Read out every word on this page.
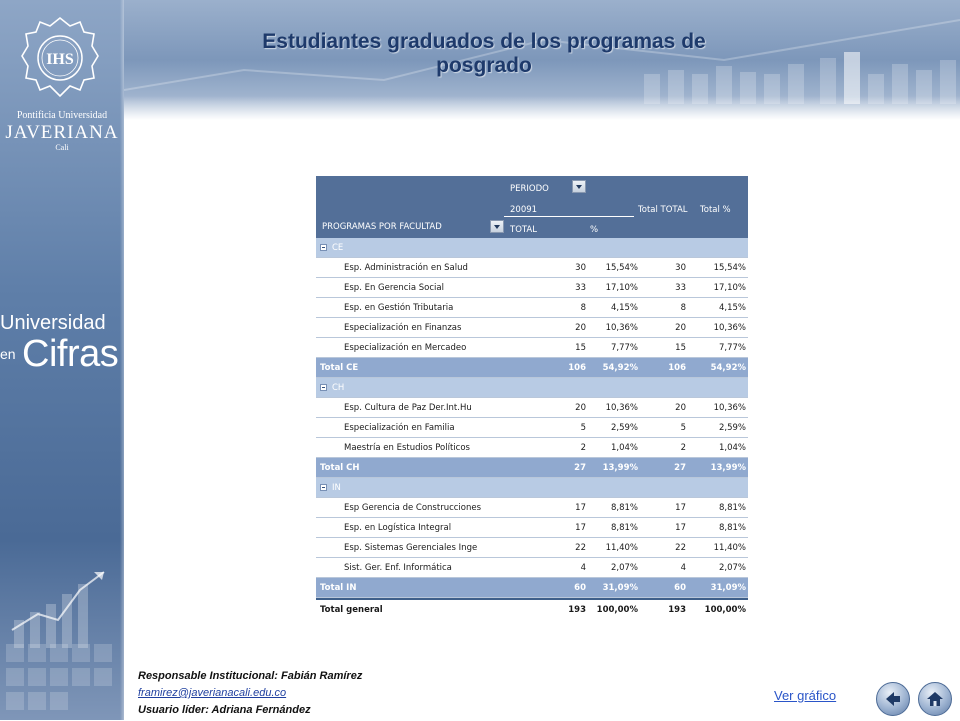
IHS
Pontificia Universidad
JAVERIANA
Cali
Universidad
en Cifras
Estudiantes graduados de los programas de posgrado
PERIODO
20091	Total TOTAL Total %
PROGRAMAS POR FACULTAD	TOTAL	%
CE
Esp. Administración en Salud	30 15,54%	30	15,54%
Esp. En Gerencia Social	33 17,10%	33	17,10%
Esp. en Gestión Tributaria	8	4,15%	8	4,15%
Especialización en Finanzas	20 10,36%	20	10,36%
Especialización en Mercadeo	15	7,77%	15	7,77%
Total CE	106 54,92%	106	54,92%
CH
Esp. Cultura de Paz Der.Int.Hu	20 10,36%	20	10,36%
Especialización en Familia	5	2,59%	5	2,59%
Maestría en Estudios Políticos	2	1,04%	2	1,04%
Total CH	27 13,99%	27	13,99%
IN
Esp Gerencia de Construcciones	17	8,81%	17	8,81%
Esp. en Logística Integral	17	8,81%	17	8,81%
Esp. Sistemas Gerenciales Inge	22 11,40%	22	11,40%
Sist. Ger. Enf. Informática	4	2,07%	4	2,07%
Total IN	60 31,09%	60	31,09%
Total general	193 100,00%	193 100,00%
Responsable Institucional: Fabián Ramírez
framirez@javerianacali.edu.co
Usuario líder: Adriana Fernández
Ver gráfico
